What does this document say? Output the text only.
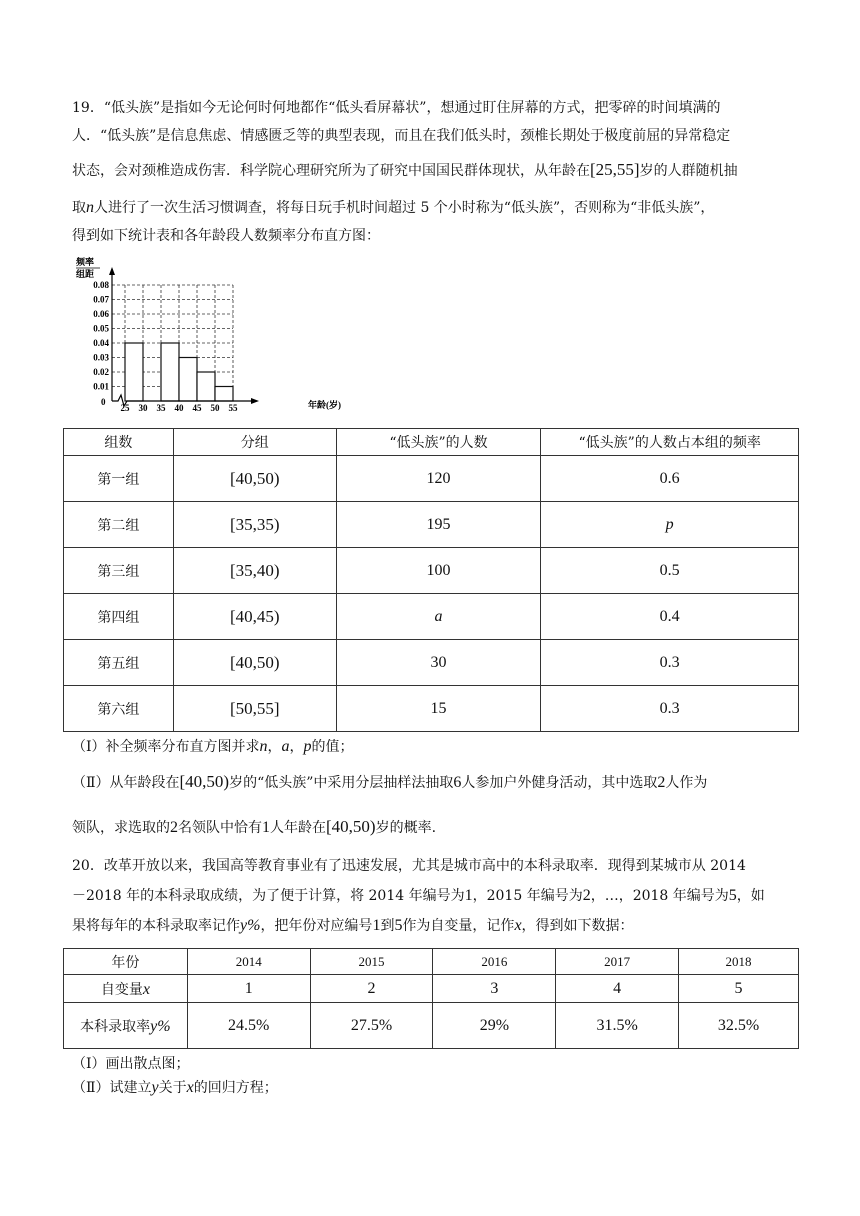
19．“低头族”是指如今无论何时何地都作“低头看屏幕状”，想通过盯住屏幕的方式，把零碎的时间填满的
人．“低头族”是信息焦虑、情感匮乏等的典型表现，而且在我们低头时，颈椎长期处于极度前屈的异常稳定
状态，会对颈椎造成伤害．科学院心理研究所为了研究中国国民群体现状，从年龄在[25,55]岁的人群随机抽
取n人进行了一次生活习惯调查，将每日玩手机时间超过 5 个小时称为“低头族”，否则称为“非低头族”，
得到如下统计表和各年龄段人数频率分布直方图：
0.01
0.02
0.03
0.04
0.05
0.06
0.07
0.08
25 30 35 40 45 50 55
频率
组距
年龄(岁)
0
组数	分组	“低头族”的人数	“低头族”的人数占本组的频率
第一组	[40,50)	120	0.6
第二组	[35,35)	195	p
第三组	[35,40)	100	0.5
第四组	[40,45)	a	0.4
第五组	[40,50)	30	0.3
第六组	[50,55]	15	0.3
（Ⅰ）补全频率分布直方图并求n，a，p的值；
（Ⅱ）从年龄段在[40,50)岁的“低头族”中采用分层抽样法抽取6人参加户外健身活动，其中选取2人作为
领队，求选取的2名领队中恰有1人年龄在[40,50)岁的概率.
20．改革开放以来，我国高等教育事业有了迅速发展，尤其是城市高中的本科录取率．现得到某城市从 2014
－2018 年的本科录取成绩，为了便于计算，将 2014 年编号为1，2015 年编号为2，…，2018 年编号为5，如
果将每年的本科录取率记作y%，把年份对应编号1到5作为自变量，记作x，得到如下数据：
年份	2014	2015	2016	2017	2018
自变量x	1	2	3	4	5
本科录取率y%	24.5%	27.5%	29%	31.5%	32.5%
（Ⅰ）画出散点图；
（Ⅱ）试建立y关于x的回归方程；
